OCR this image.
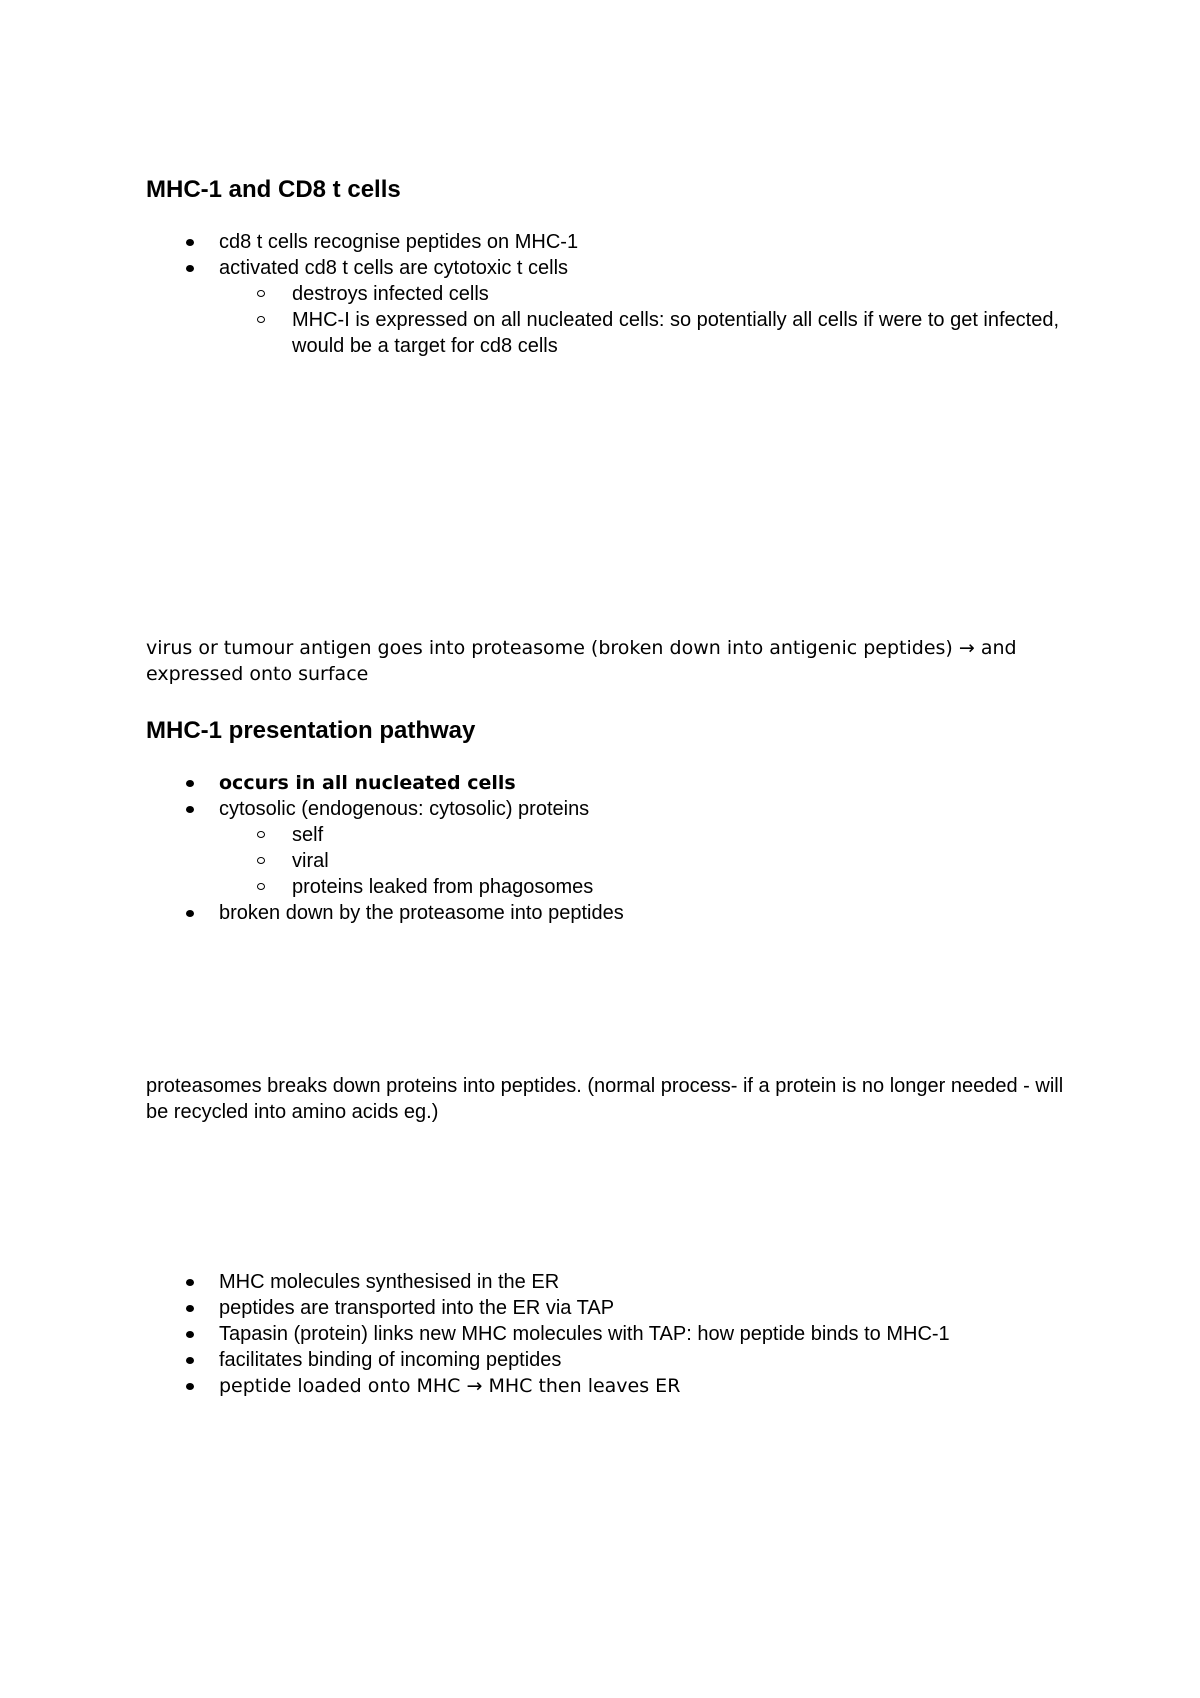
MHC-1 and CD8 t cells
cd8 t cells recognise peptides on MHC-1
activated cd8 t cells are cytotoxic t cells
destroys infected cells
MHC-I is expressed on all nucleated cells: so potentially all cells if were to get infected, would be a target for cd8 cells

virus or tumour antigen goes into proteasome (broken down into antigenic peptides) → and expressed onto surface

MHC-1 presentation pathway
occurs in all nucleated cells
cytosolic (endogenous: cytosolic) proteins
self
viral
proteins leaked from phagosomes
broken down by the proteasome into peptides

proteasomes breaks down proteins into peptides. (normal process- if a protein is no longer needed - will be recycled into amino acids eg.)

MHC molecules synthesised in the ER
peptides are transported into the ER via TAP
Tapasin (protein) links new MHC molecules with TAP: how peptide binds to MHC-1
facilitates binding of incoming peptides
peptide loaded onto MHC → MHC then leaves ER
